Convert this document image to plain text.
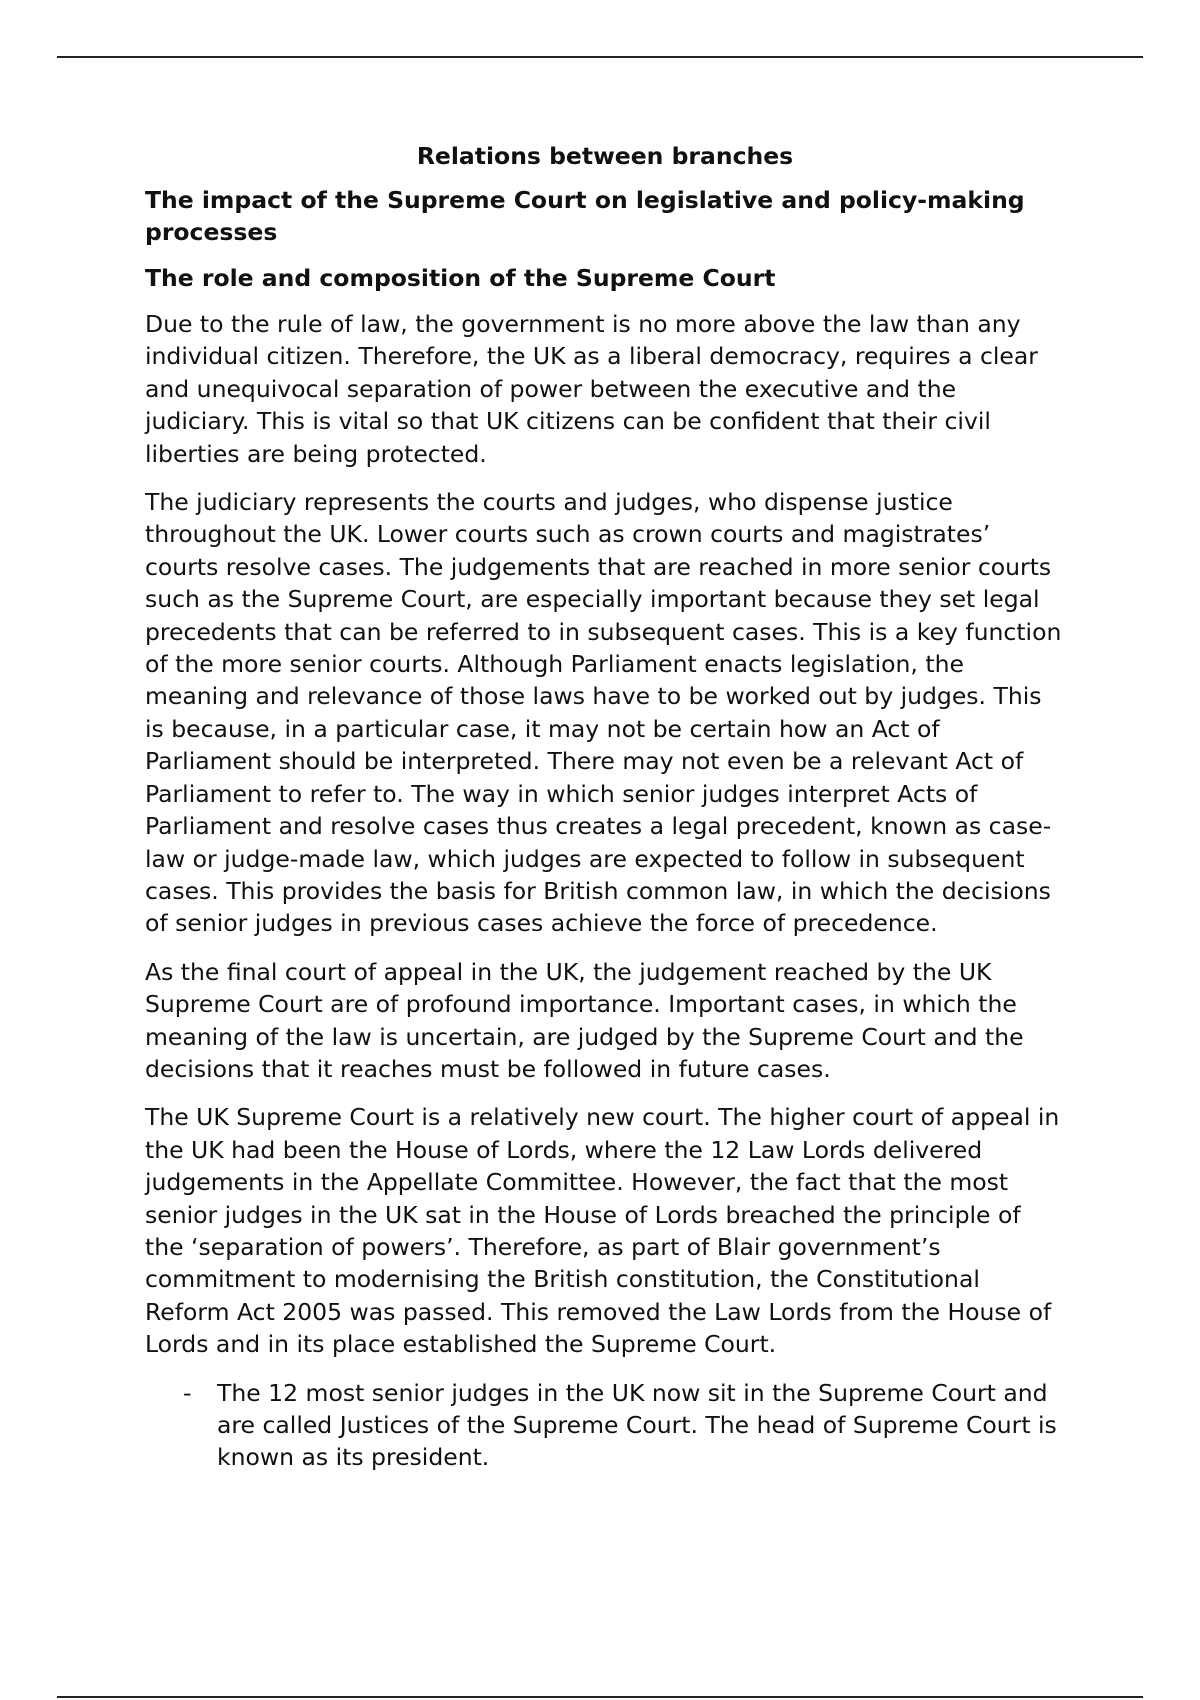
Relations between branches
The impact of the Supreme Court on legislative and policy-making processes
The role and composition of the Supreme Court

Due to the rule of law, the government is no more above the law than any individual citizen. Therefore, the UK as a liberal democracy, requires a clear and unequivocal separation of power between the executive and the judiciary. This is vital so that UK citizens can be confident that their civil liberties are being protected.

The judiciary represents the courts and judges, who dispense justice throughout the UK. Lower courts such as crown courts and magistrates’ courts resolve cases. The judgements that are reached in more senior courts such as the Supreme Court, are especially important because they set legal precedents that can be referred to in subsequent cases. This is a key function of the more senior courts. Although Parliament enacts legislation, the meaning and relevance of those laws have to be worked out by judges. This is because, in a particular case, it may not be certain how an Act of Parliament should be interpreted. There may not even be a relevant Act of Parliament to refer to. The way in which senior judges interpret Acts of Parliament and resolve cases thus creates a legal precedent, known as case-law or judge-made law, which judges are expected to follow in subsequent cases. This provides the basis for British common law, in which the decisions of senior judges in previous cases achieve the force of precedence.

As the final court of appeal in the UK, the judgement reached by the UK Supreme Court are of profound importance. Important cases, in which the meaning of the law is uncertain, are judged by the Supreme Court and the decisions that it reaches must be followed in future cases.

The UK Supreme Court is a relatively new court. The higher court of appeal in the UK had been the House of Lords, where the 12 Law Lords delivered judgements in the Appellate Committee. However, the fact that the most senior judges in the UK sat in the House of Lords breached the principle of the ‘separation of powers’. Therefore, as part of Blair government’s commitment to modernising the British constitution, the Constitutional Reform Act 2005 was passed. This removed the Law Lords from the House of Lords and in its place established the Supreme Court.

- The 12 most senior judges in the UK now sit in the Supreme Court and are called Justices of the Supreme Court. The head of Supreme Court is known as its president.
